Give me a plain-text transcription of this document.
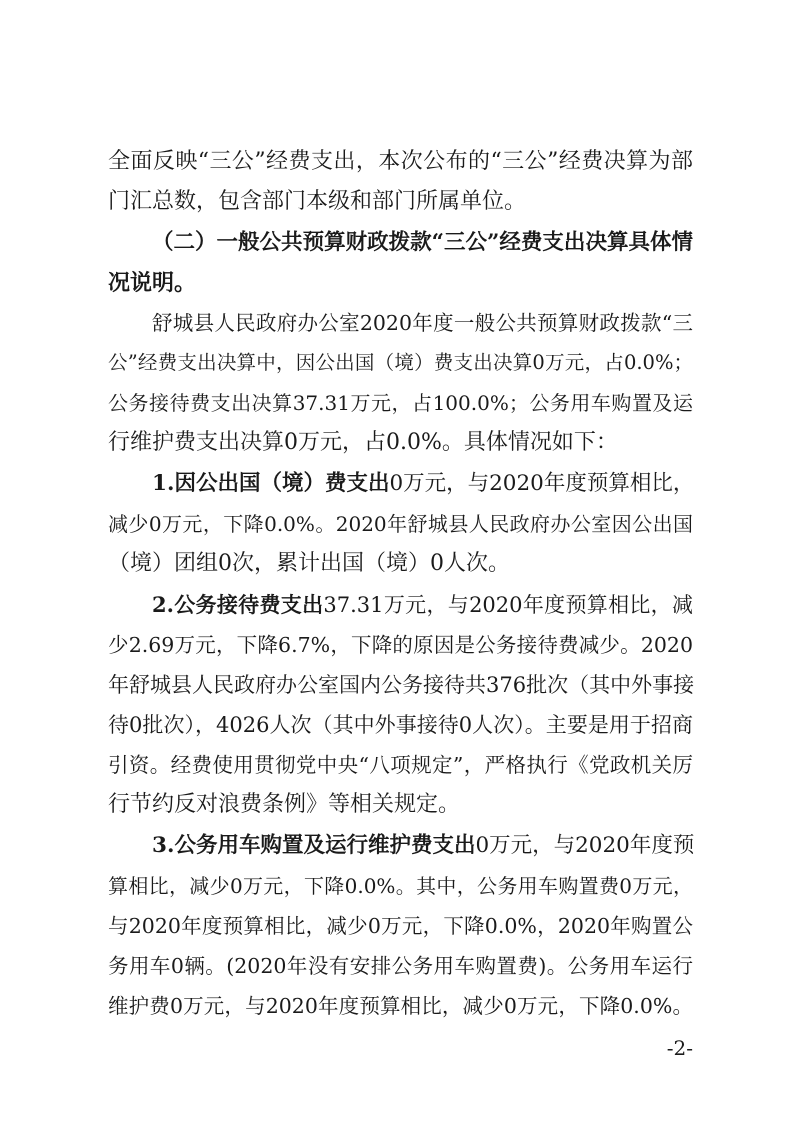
全面反映“三公”经费支出，本次公布的“三公”经费决算为部
门汇总数，包含部门本级和部门所属单位。
（二）一般公共预算财政拨款“三公”经费支出决算具体情
况说明。
舒城县人民政府办公室2020年度一般公共预算财政拨款“三
公”经费支出决算中，因公出国（境）费支出决算0万元，占0.0%；
公务接待费支出决算37.31万元，占100.0%；公务用车购置及运
行维护费支出决算0万元，占0.0%。具体情况如下：
1.因公出国（境）费支出0万元，与2020年度预算相比，
减少0万元，下降0.0%。2020年舒城县人民政府办公室因公出国
（境）团组0次，累计出国（境）0人次。
2.公务接待费支出37.31万元，与2020年度预算相比，减
少2.69万元，下降6.7%，下降的原因是公务接待费减少。2020
年舒城县人民政府办公室国内公务接待共376批次（其中外事接
待0批次），4026人次（其中外事接待0人次）。主要是用于招商
引资。经费使用贯彻党中央“八项规定”，严格执行《党政机关厉
行节约反对浪费条例》等相关规定。
3.公务用车购置及运行维护费支出0万元，与2020年度预
算相比，减少0万元，下降0.0%。其中，公务用车购置费0万元，
与2020年度预算相比，减少0万元，下降0.0%，2020年购置公
务用车0辆。(2020年没有安排公务用车购置费)。公务用车运行
维护费0万元，与2020年度预算相比，减少0万元，下降0.0%。
-2-
